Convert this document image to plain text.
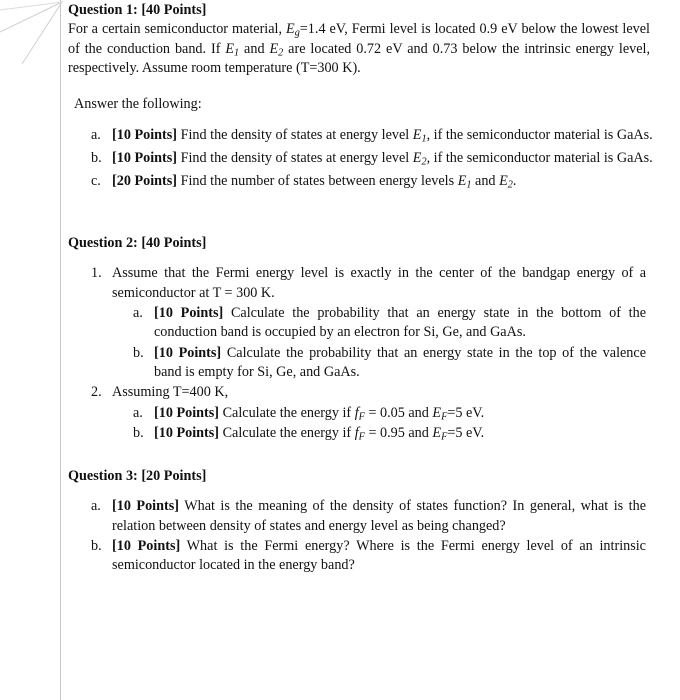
Question 1: [40 Points]
For a certain semiconductor material, $E_g=1.4$ eV, Fermi level is located 0.9 eV below the lowest level of the conduction band. If $E_1$ and $E_2$ are located 0.72 eV and 0.73 below the intrinsic energy level, respectively. Assume room temperature (T=300 K).
Answer the following:
a. [10 Points] Find the density of states at energy level $E_1$, if the semiconductor material is GaAs.
b. [10 Points] Find the density of states at energy level $E_2$, if the semiconductor material is GaAs.
c. [20 Points] Find the number of states between energy levels $E_1$ and $E_2$.
Question 2: [40 Points]
1. Assume that the Fermi energy level is exactly in the center of the bandgap energy of a semiconductor at T = 300 K.
a. [10 Points] Calculate the probability that an energy state in the bottom of the conduction band is occupied by an electron for Si, Ge, and GaAs.
b. [10 Points] Calculate the probability that an energy state in the top of the valence band is empty for Si, Ge, and GaAs.
2. Assuming T=400 K,
a. [10 Points] Calculate the energy if $f_F = 0.05$ and $E_F=5$ eV.
b. [10 Points] Calculate the energy if $f_F = 0.95$ and $E_F=5$ eV.
Question 3: [20 Points]
a. [10 Points] What is the meaning of the density of states function? In general, what is the relation between density of states and energy level as being changed?
b. [10 Points] What is the Fermi energy? Where is the Fermi energy level of an intrinsic semiconductor located in the energy band?
